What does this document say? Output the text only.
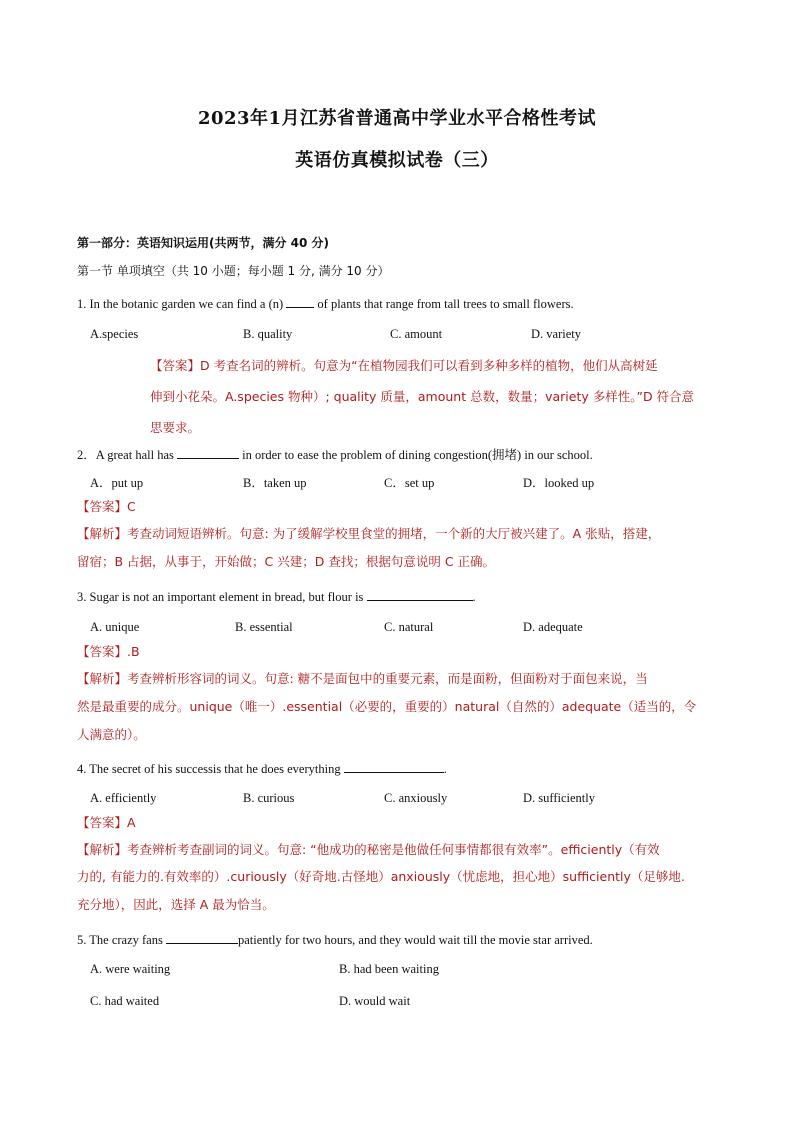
2023年1月江苏省普通高中学业水平合格性考试
英语仿真模拟试卷（三）
第一部分：英语知识运用(共两节，满分 40 分)
第一节 单项填空（共 10 小题；每小题 1 分, 满分 10 分）
1. In the botanic garden we can find a (n)  of plants that range from tall trees to small flowers.
A.species	B. quality	C. amount	D. variety
【答案】D 考查名词的辨析。句意为“在植物园我们可以看到多种多样的植物，他们从高树延
伸到小花朵。A.species 物种）; quality 质量，amount 总数，数量；variety 多样性。”D 符合意
思要求。
2．A great hall has	in order to ease the problem of dining congestion(拥堵) in our school.
A．put up	B．taken up	C．set up	D．looked up
【答案】C
【解析】考查动词短语辨析。句意: 为了缓解学校里食堂的拥堵，一个新的大厅被兴建了。A 张贴，搭建，
留宿；B 占据，从事于，开始做；C 兴建；D 查找；根据句意说明 C 正确。
3. Sugar is not an important element in bread, but flour is	.
A. unique	B. essential	C. natural	D. adequate
【答案】.B
【解析】考查辨析形容词的词义。句意: 糖不是面包中的重要元素，而是面粉，但面粉对于面包来说，当
然是最重要的成分。unique（唯一）.essential（必要的，重要的）natural（自然的）adequate（适当的，令
人满意的）。
4. The secret of his successis that he does everything	.
A. efficiently	B. curious	C. anxiously	D. sufficiently
【答案】A
【解析】考查辨析考查副词的词义。句意: “他成功的秘密是他做任何事情都很有效率”。efficiently（有效
力的, 有能力的.有效率的）.curiously（好奇地.古怪地）anxiously（忧虑地，担心地）sufficiently（足够地.
充分地），因此，选择 A 最为恰当。
5. The crazy fans	patiently for two hours, and they would wait till the movie star arrived.
A. were waiting	B. had been waiting
C. had waited	D. would wait
